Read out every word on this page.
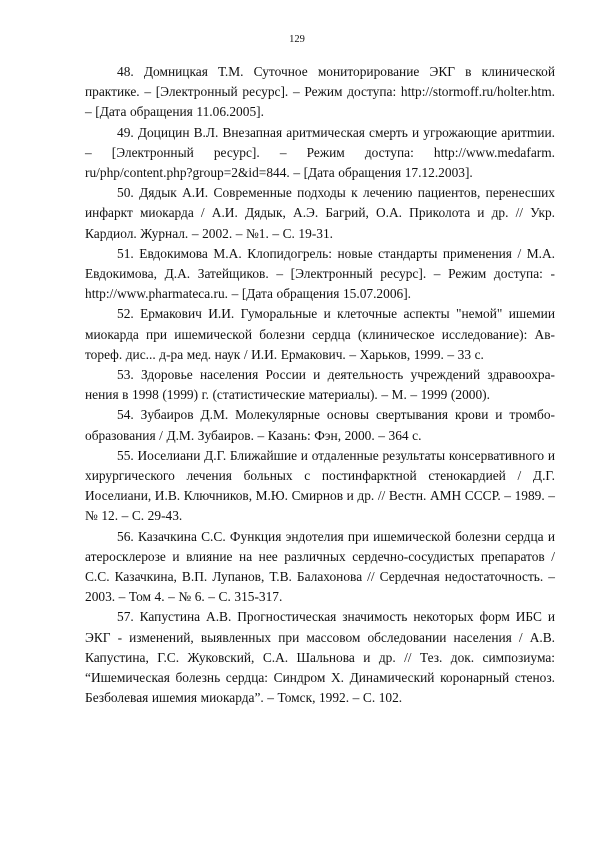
129

48. Домницкая Т.М. Суточное мониторирование ЭКГ в клинической практике. – [Электронный ресурс]. – Режим доступа: http://stormoff.​ru/holter.htm. – [Дата обращения 11.06.2005].

49. Доцицин В.Л. Внезапная аритмическая смерть и угрожающие аритmии. – [Электронный ресурс]. – Режим доступа: http://www.medafarm.​ru/php/content.php?group=2&id=844. – [Дата обращения 17.12.2003].

50. Дядык А.И. Современные подходы к лечению пациентов, перенесших инфаркт миокарда / А.И. Дядык, А.Э. Багрий, О.А. Приколота и др. // Укр. Кардиол. Журнал. – 2002. – №1. – С. 19-31.

51. Евдокимова М.А. Клопидогрель: новые стандарты применения / М.А. Евдокимова, Д.А. Затейщиков. – [Электронный ресурс]. – Режим доступа: -http://www.pharmateca.ru. – [Дата обращения 15.07.2006].

52. Ермакович И.И. Гуморальные и клеточные аспекты "немой" ишемии миокарда при ишемической болезни сердца (клиническое исследование): Автореф. дис... д-ра мед. наук / И.И. Ермакович. – Харьков, 1999. – 33 с.

53. Здоровье населения России и деятельность учреждений здравоохранения в 1998 (1999) г. (статистические материалы). – М. – 1999 (2000).

54. Зубаиров Д.М. Молекулярные основы свертывания крови и тромбообразования / Д.М. Зубаиров. – Казань: Фэн, 2000. – 364 с.

55. Иоселиани Д.Г. Ближайшие и отдаленные результаты консервативного и хирургического лечения больных с постинфарктной стенокардией / Д.Г. Иоселиани, И.В. Ключников, М.Ю. Смирнов и др. // Вестн. АМН СССР. – 1989. – № 12. – С. 29-43.

56. Казачкина С.С. Функция эндотелия при ишемической болезни сердца и атеросклерозе и влияние на нее различных сердечно-сосудистых препаратов / С.С. Казачкина, В.П. Лупанов, Т.В. Балахонова // Сердечная недостаточность. – 2003. – Том 4. – № 6. – С. 315-317.

57. Капустина А.В. Прогностическая значимость некоторых форм ИБС и ЭКГ - изменений, выявленных при массовом обследовании населения / А.В. Капустина, Г.С. Жуковский, С.А. Шальнова и др. // Тез. док. симпозиума: “Ишемическая болезнь сердца: Синдром Х. Динамический коронарный стеноз. Безболевая ишемия миокарда”. – Томск, 1992. – С. 102.
